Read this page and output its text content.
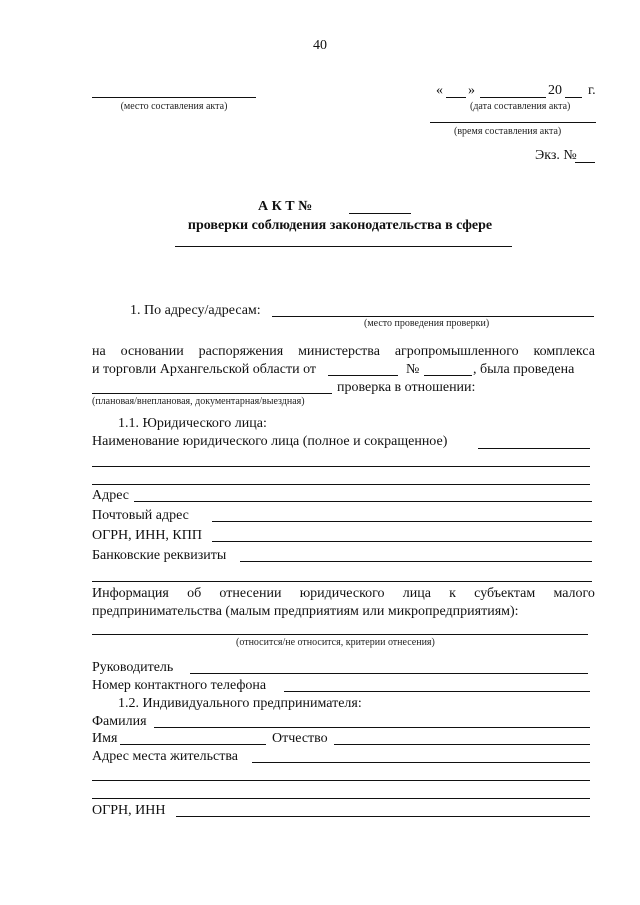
40
(место составления акта)
« »	20 г.
(дата составления акта)
(время составления акта)
Экз. №
А К Т №
проверки соблюдения законодательства в сфере
1. По адресу/адресам:
(место проведения проверки)
на основании распоряжения министерства агропромышленного комплекса
и торговли Архангельской области от	№	, была проведена
проверка в отношении:
(плановая/внеплановая, документарная/выездная)
1.1. Юридического лица:
Наименование юридического лица (полное и сокращенное)
Адрес
Почтовый адрес
ОГРН, ИНН, КПП
Банковские реквизиты
Информация об отнесении юридического лица к субъектам малого
предпринимательства (малым предприятиям или микропредприятиям):
(относится/не относится, критерии отнесения)
Руководитель
Номер контактного телефона
1.2. Индивидуального предпринимателя:
Фамилия
Имя	Отчество
Адрес места жительства
ОГРН, ИНН
